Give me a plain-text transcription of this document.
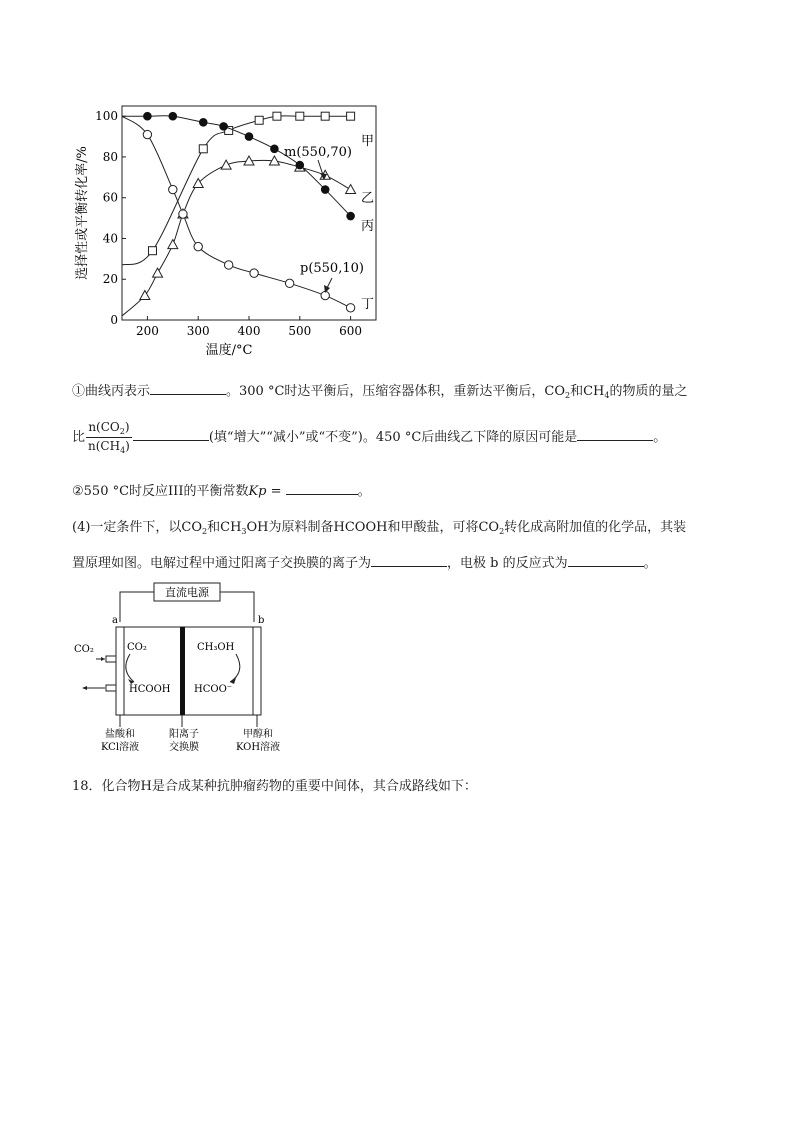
200 300 400 500 600
0
20
40
60
80
100
温度/°C
选择性或平衡转化率/%
甲
乙
丙
丁
m(550,70)
p(550,10)
①曲线丙表示	。300 °C时达平衡后，压缩容器体积，重新达平衡后，$CO_2$和$CH_4$的物质的量之
比 $\frac{n(CO_2)}{n(CH_4)}$	(填“增大”“减小”或“不变”)。450 °C后曲线乙下降的原因可能是	。
②550 °C时反应III的平衡常数Kp =	。
(4)一定条件下，以$CO_2$和$CH_3OH$为原料制备HCOOH和甲酸盐，可将$CO_2$转化成高附加值的化学品，其装
置原理如图。电解过程中通过阳离子交换膜的离子为	，电极 b 的反应式为	。
直流电源
a	b
CO₂	CO₂
HCOOH
CH₃OH
HCOO⁻
盐酸和
KCl溶液
阳离子
交换膜
甲醇和
KOH溶液
18．化合物H是合成某种抗肿瘤药物的重要中间体，其合成路线如下：
